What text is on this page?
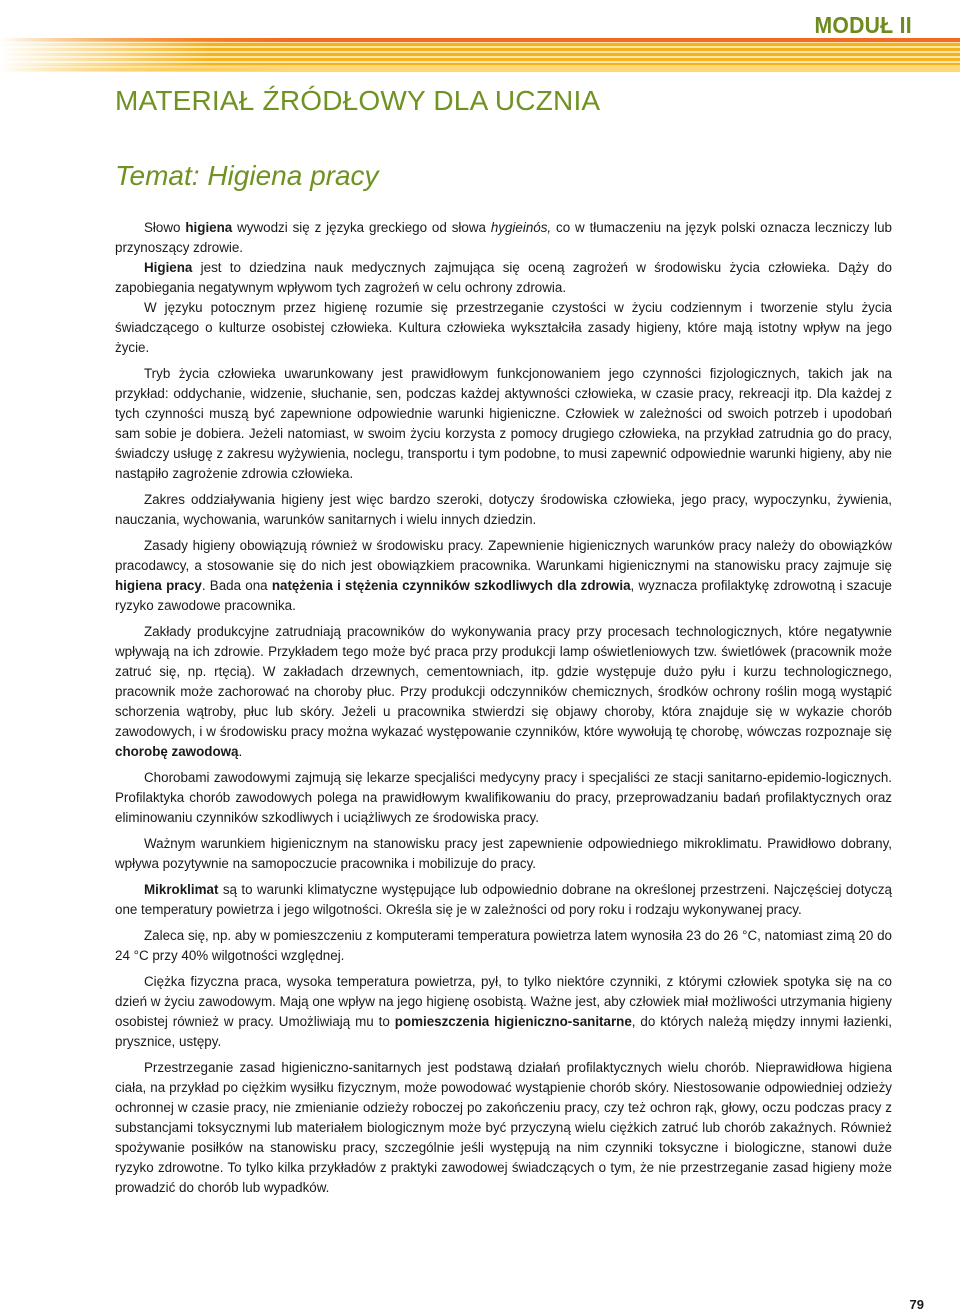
MODUŁ II
MATERIAŁ ŹRÓDŁOWY DLA UCZNIA
Temat: Higiena pracy

Słowo higiena wywodzi się z języka greckiego od słowa hygieinós, co w tłumaczeniu na język polski oznacza leczniczy lub przynoszący zdrowie.

Higiena jest to dziedzina nauk medycznych zajmująca się oceną zagrożeń w środowisku życia człowieka. Dąży do zapobiegania negatywnym wpływom tych zagrożeń w celu ochrony zdrowia.

W języku potocznym przez higienę rozumie się przestrzeganie czystości w życiu codziennym i tworzenie stylu życia świadczącego o kulturze osobistej człowieka. Kultura człowieka wykształciła zasady higieny, które mają istotny wpływ na jego życie.

Tryb życia człowieka uwarunkowany jest prawidłowym funkcjonowaniem jego czynności fizjologicznych, takich jak na przykład: oddychanie, widzenie, słuchanie, sen, podczas każdej aktywności człowieka, w czasie pracy, rekreacji itp. Dla każdej z tych czynności muszą być zapewnione odpowiednie warunki higieniczne. Człowiek w zależności od swoich potrzeb i upodobań sam sobie je dobiera. Jeżeli natomiast, w swoim życiu korzysta z pomocy drugiego człowieka, na przykład zatrudnia go do pracy, świadczy usługę z zakresu wyżywienia, noclegu, transportu i tym podobne, to musi zapewnić odpowiednie warunki higieny, aby nie nastąpiło zagrożenie zdrowia człowieka.

Zakres oddziaływania higieny jest więc bardzo szeroki, dotyczy środowiska człowieka, jego pracy, wypoczynku, żywienia, nauczania, wychowania, warunków sanitarnych i wielu innych dziedzin.

Zasady higieny obowiązują również w środowisku pracy. Zapewnienie higienicznych warunków pracy należy do obowiązków pracodawcy, a stosowanie się do nich jest obowiązkiem pracownika. Warunkami higienicznymi na stanowisku pracy zajmuje się higiena pracy. Bada ona natężenia i stężenia czynników szkodliwych dla zdrowia, wyznacza profilaktykę zdrowotną i szacuje ryzyko zawodowe pracownika.

Zakłady produkcyjne zatrudniają pracowników do wykonywania pracy przy procesach technologicznych, które negatywnie wpływają na ich zdrowie. Przykładem tego może być praca przy produkcji lamp oświetleniowych tzw. świetlówek (pracownik może zatruć się, np. rtęcią). W zakładach drzewnych, cementowniach, itp. gdzie występuje dużo pyłu i kurzu technologicznego, pracownik może zachorować na choroby płuc. Przy produkcji odczynników chemicznych, środków ochrony roślin mogą wystąpić schorzenia wątroby, płuc lub skóry. Jeżeli u pracownika stwierdzi się objawy choroby, która znajduje się w wykazie chorób zawodowych, i w środowisku pracy można wykazać występowanie czynników, które wywołują tę chorobę, wówczas rozpoznaje się chorobę zawodową.

Chorobami zawodowymi zajmują się lekarze specjaliści medycyny pracy i specjaliści ze stacji sanitarno-epidemio-logicznych. Profilaktyka chorób zawodowych polega na prawidłowym kwalifikowaniu do pracy, przeprowadzaniu badań profilaktycznych oraz eliminowaniu czynników szkodliwych i uciążliwych ze środowiska pracy.

Ważnym warunkiem higienicznym na stanowisku pracy jest zapewnienie odpowiedniego mikroklimatu. Prawidłowo dobrany, wpływa pozytywnie na samopoczucie pracownika i mobilizuje do pracy.

Mikroklimat są to warunki klimatyczne występujące lub odpowiednio dobrane na określonej przestrzeni. Najczęściej dotyczą one temperatury powietrza i jego wilgotności. Określa się je w zależności od pory roku i rodzaju wykonywanej pracy.

Zaleca się, np. aby w pomieszczeniu z komputerami temperatura powietrza latem wynosiła 23 do 26 °C, natomiast zimą 20 do 24 °C przy 40% wilgotności względnej.

Ciężka fizyczna praca, wysoka temperatura powietrza, pył, to tylko niektóre czynniki, z którymi człowiek spotyka się na co dzień w życiu zawodowym. Mają one wpływ na jego higienę osobistą. Ważne jest, aby człowiek miał możliwości utrzymania higieny osobistej również w pracy. Umożliwiają mu to pomieszczenia higieniczno-sanitarne, do których należą między innymi łazienki, prysznice, ustępy.

Przestrzeganie zasad higieniczno-sanitarnych jest podstawą działań profilaktycznych wielu chorób. Nieprawidłowa higiena ciała, na przykład po ciężkim wysiłku fizycznym, może powodować wystąpienie chorób skóry. Niestosowanie odpowiedniej odzieży ochronnej w czasie pracy, nie zmienianie odzieży roboczej po zakończeniu pracy, czy też ochron rąk, głowy, oczu podczas pracy z substancjami toksycznymi lub materiałem biologicznym może być przyczyną wielu ciężkich zatruć lub chorób zakaźnych. Również spożywanie posiłków na stanowisku pracy, szczególnie jeśli występują na nim czynniki toksyczne i biologiczne, stanowi duże ryzyko zdrowotne. To tylko kilka przykładów z praktyki zawodowej świadczących o tym, że nie przestrzeganie zasad higieny może prowadzić do chorób lub wypadków.

79
